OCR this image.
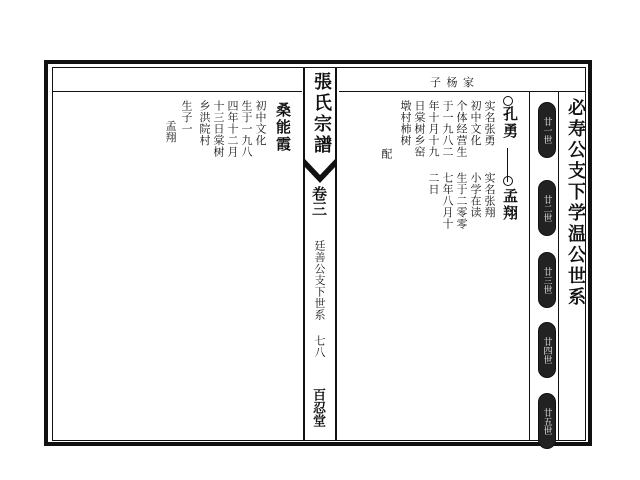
張氏宗譜
卷三
廷善公支下世系
七八
百忍堂
子 杨 家
必寿公支下学温公世系
廿一世
廿二世
廿三世
廿四世
廿五世
孔勇
实名张勇
初中文化
个体经营生
于一九八二
年十月十九
日棠树乡窑
墩村柿树
二日
配
孟翔
实名张翔
小学在读
生于二零零
七年八月十
桑能霞
初中文化
生于一九八
四年十二月
十三日棠树
乡洪院村
生子一
孟翔
